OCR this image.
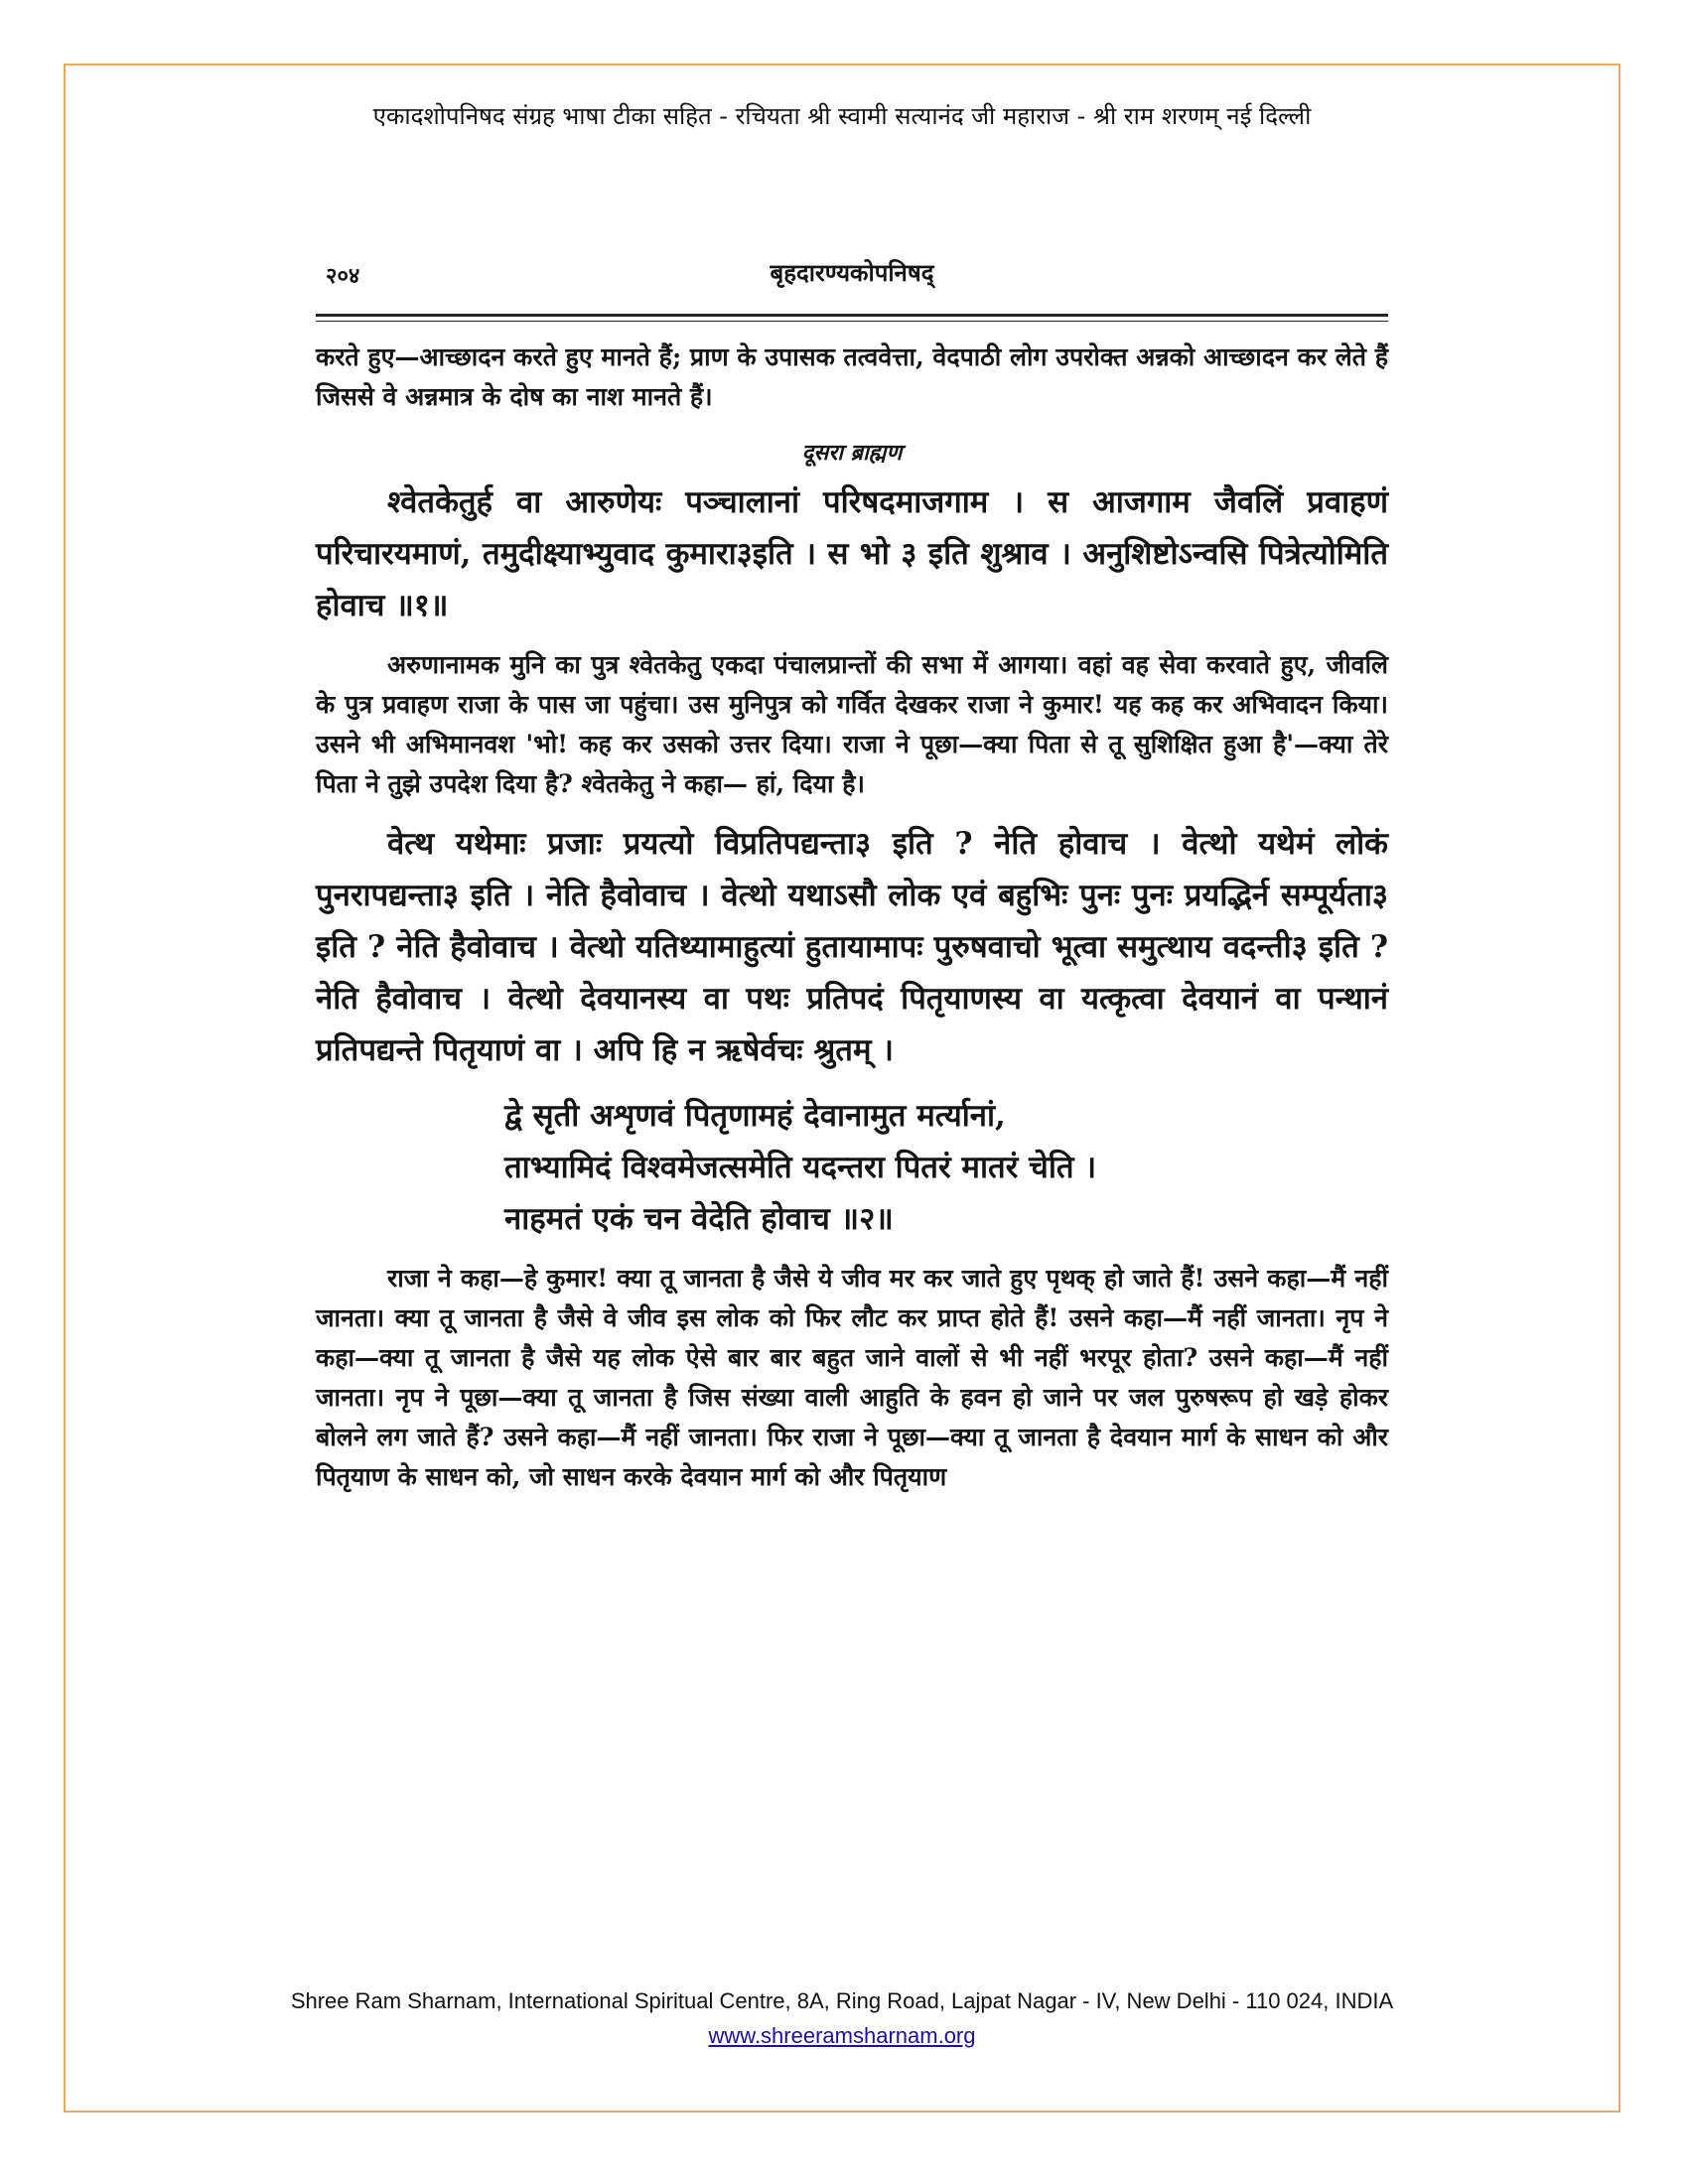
एकादशोपनिषद संग्रह भाषा टीका सहित - रचियता श्री स्वामी सत्यानंद जी महाराज - श्री राम शरणम् नई दिल्ली
२०४	बृहदारण्यकोपनिषद्

करते हुए—आच्छादन करते हुए मानते हैं; प्राण के उपासक तत्ववेत्ता, वेदपाठी लोग उपरोक्त अन्नको आच्छादन कर लेते हैं जिससे वे अन्नमात्र के दोष का नाश मानते हैं।

दूसरा ब्राह्मण

श्वेतकेतुर्ह वा आरुणेयः पञ्चालानां परिषदमाजगाम । स आजगाम जैवलिं प्रवाहणं परिचारयमाणं, तमुदीक्ष्याभ्युवाद कुमारा३इति । स भो ३ इति शुश्राव । अनुशिष्टोऽन्वसि पित्रेत्योमिति होवाच ॥१॥

अरुणानामक मुनि का पुत्र श्वेतकेतु एकदा पंचालप्रान्तों की सभा में आगया। वहां वह सेवा करवाते हुए, जीवलि के पुत्र प्रवाहण राजा के पास जा पहुंचा। उस मुनिपुत्र को गर्वित देखकर राजा ने कुमार! यह कह कर अभिवादन किया। उसने भी अभिमानवश 'भो! कह कर उसको उत्तर दिया। राजा ने पूछा—क्या पिता से तू सुशिक्षित हुआ है'—क्या तेरे पिता ने तुझे उपदेश दिया है? श्वेतकेतु ने कहा— हां, दिया है।

वेत्थ यथेमाः प्रजाः प्रयत्यो विप्रतिपद्यन्ता३ इति ? नेति होवाच । वेत्थो यथेमं लोकं पुनरापद्यन्ता३ इति । नेति हैवोवाच । वेत्थो यथाऽसौ लोक एवं बहुभिः पुनः पुनः प्रयद्भिर्न सम्पूर्यता३ इति ? नेति हैवोवाच । वेत्थो यतिथ्यामाहुत्यां हुतायामापः पुरुषवाचो भूत्वा समुत्थाय वदन्ती३ इति ? नेति हैवोवाच । वेत्थो देवयानस्य वा पथः प्रतिपदं पितृयाणस्य वा यत्कृत्वा देवयानं वा पन्थानं प्रतिपद्यन्ते पितृयाणं वा । अपि हि न ऋषेर्वचः श्रुतम् ।

द्वे सृती अशृणवं पितृणामहं देवानामुत मर्त्यानां,
ताभ्यामिदं विश्वमेजत्समेति यदन्तरा पितरं मातरं चेति ।
नाहमतं एकं चन वेदेति होवाच ॥२॥

राजा ने कहा—हे कुमार! क्या तू जानता है जैसे ये जीव मर कर जाते हुए पृथक् हो जाते हैं! उसने कहा—मैं नहीं जानता। क्या तू जानता है जैसे वे जीव इस लोक को फिर लौट कर प्राप्त होते हैं! उसने कहा—मैं नहीं जानता। नृप ने कहा—क्या तू जानता है जैसे यह लोक ऐसे बार बार बहुत जाने वालों से भी नहीं भरपूर होता? उसने कहा—मैं नहीं जानता। नृप ने पूछा—क्या तू जानता है जिस संख्या वाली आहुति के हवन हो जाने पर जल पुरुषरूप हो खड़े होकर बोलने लग जाते हैं? उसने कहा—मैं नहीं जानता। फिर राजा ने पूछा—क्या तू जानता है देवयान मार्ग के साधन को और पितृयाण के साधन को, जो साधन करके देवयान मार्ग को और पितृयाण

Shree Ram Sharnam, International Spiritual Centre, 8A, Ring Road, Lajpat Nagar - IV, New Delhi - 110 024, INDIA
www.shreeramsharnam.org
